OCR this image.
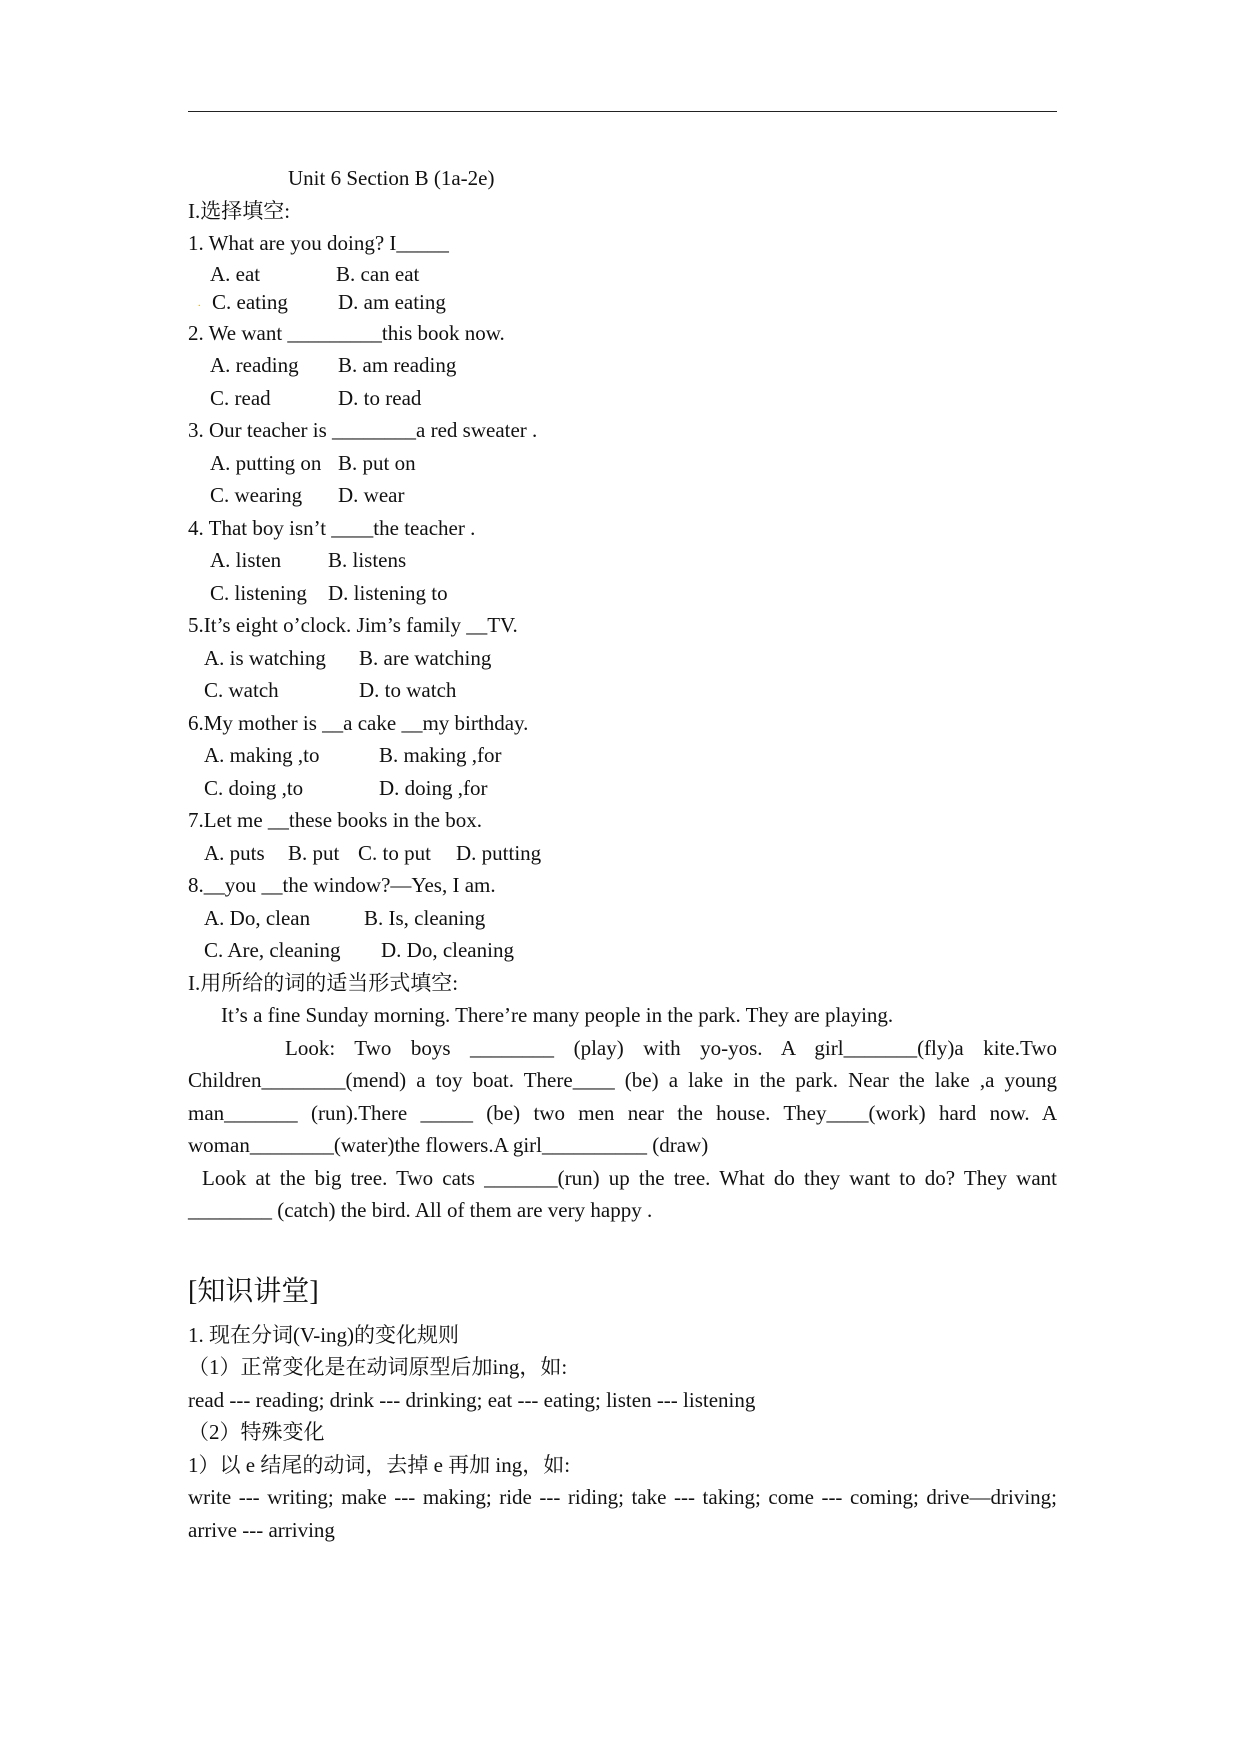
Unit 6 Section B (1a-2e)
I.选择填空:
1. What are you doing? I_____
A. eat	B. can eat
. C. eating D. am eating
2. We want _________this book now.
A. reading B. am reading
C. read	D. to read
3. Our teacher is ________a red sweater .
A. putting on B. put on
C. wearing D. wear
4. That boy isn’t ____the teacher .
A. listen B. listens
C. listening D. listening to
5.It’s eight o’clock. Jim’s family __TV.
A. is watching B. are watching
C. watch	D. to watch
6.My mother is __a cake __my birthday.
A. making ,to	B. making ,for
C. doing ,to	D. doing ,for
7.Let me __these books in the box.
A. puts B. put C. to put D. putting
8.__you __the window?—Yes, I am.
A. Do, clean	B. Is, cleaning
C. Are, cleaning D. Do, cleaning
I.用所给的词的适当形式填空:
It’s a fine Sunday morning. There’re many people in the park. They are playing.
Look: Two boys ________ (play) with yo-yos. A girl_______(fly)a kite.Two Children________(mend) a toy boat. There____ (be) a lake in the park. Near the lake ,a young man_______ (run).There _____ (be) two men near the house. They____(work) hard now. A woman________(water)the flowers.A girl__________ (draw)
Look at the big tree. Two cats _______(run) up the tree. What do they want to do? They want ________ (catch) the bird. All of them are very happy .
[知识讲堂]
1. 现在分词(V-ing)的变化规则
（1）正常变化是在动词原型后加ing，如:
read --- reading; drink --- drinking; eat --- eating; listen --- listening
（2）特殊变化
1）以 e 结尾的动词，去掉 e 再加 ing，如:
write --- writing; make --- making; ride --- riding; take --- taking; come --- coming; drive—driving; arrive --- arriving
